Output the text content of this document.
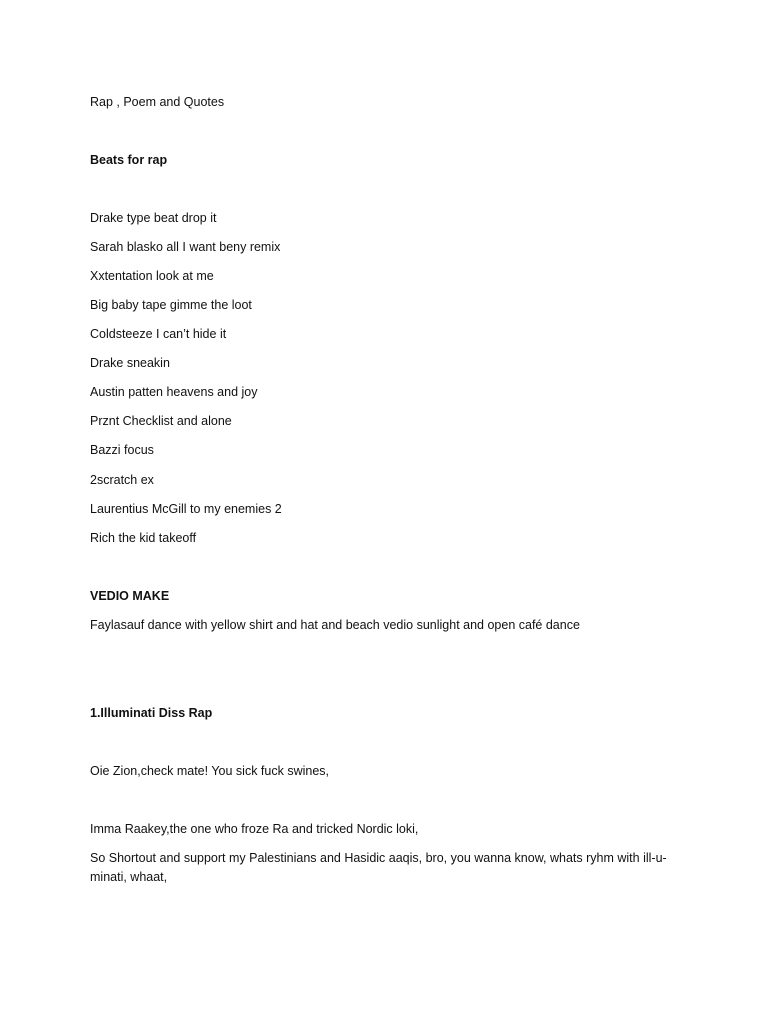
Rap , Poem and Quotes
Beats for rap
Drake type beat drop it
Sarah blasko all I want beny remix
Xxtentation look at me
Big baby tape gimme the loot
Coldsteeze I can’t hide it
Drake sneakin
Austin patten heavens and joy
Prznt Checklist and alone
Bazzi focus
2scratch ex
Laurentius McGill to my enemies 2
Rich the kid takeoff
VEDIO MAKE
Faylasauf dance with yellow shirt and hat and beach vedio sunlight and open café dance
1.Illuminati Diss Rap
Oie Zion,check mate! You sick fuck swines,
Imma Raakey,the one who froze Ra and tricked Nordic loki,
So Shortout and support my Palestinians and Hasidic aaqis, bro, you wanna know, whats ryhm with ill-u-minati, whaat,
